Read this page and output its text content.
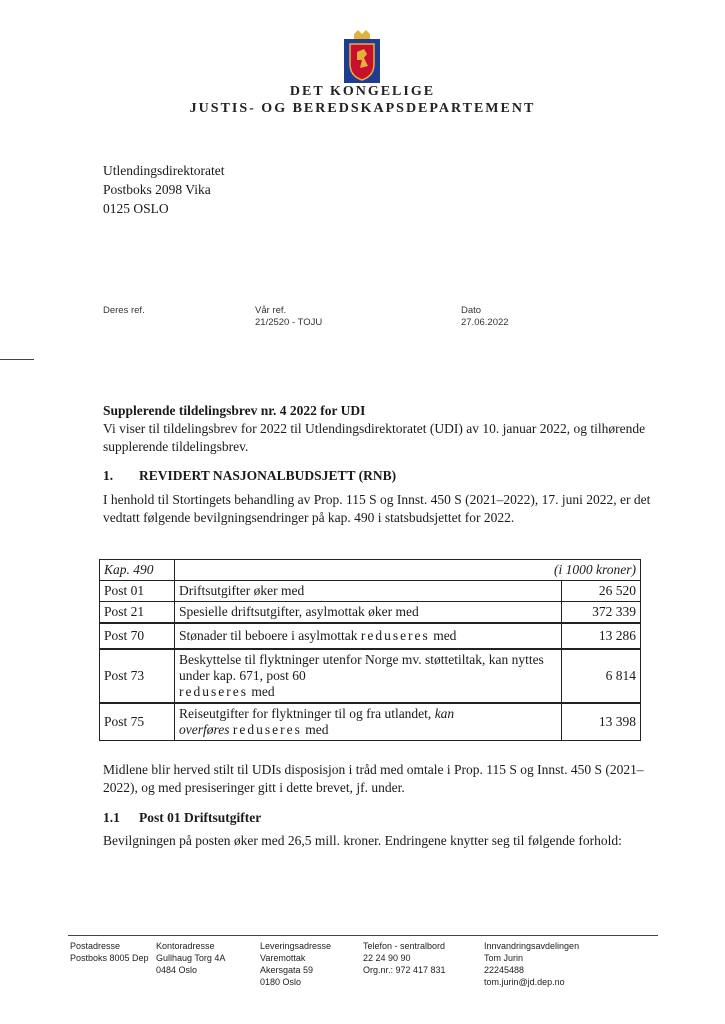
DET KONGELIGE
JUSTIS- OG BEREDSKAPSDEPARTEMENT
Utlendingsdirektoratet
Postboks 2098 Vika
0125 OSLO
Deres ref.	Vår ref.
21/2520 - TOJU
Dato
27.06.2022

Supplerende tildelingsbrev nr. 4 2022 for UDI

Vi viser til tildelingsbrev for 2022 til Utlendingsdirektoratet (UDI) av 10. januar 2022, og tilhørende supplerende tildelingsbrev.

1.	REVIDERT NASJONALBUDSJETT (RNB)

I henhold til Stortingets behandling av Prop. 115 S og Innst. 450 S (2021–2022), 17. juni 2022, er det vedtatt følgende bevilgningsendringer på kap. 490 i statsbudsjettet for 2022.

Kap. 490	(i 1000 kroner)	
Post 01	Driftsutgifter øker med	26 520
Post 21	Spesielle driftsutgifter, asylmottak øker med	372 339
Post 70	Stønader til beboere i asylmottak reduseres med	13 286
Post 73	Beskyttelse til flyktninger utenfor Norge mv. støttetiltak, kan nyttes under kap. 671, post 60
reduseres med	6 814
Post 75	Reiseutgifter for flyktninger til og fra utlandet, kan
overføres reduseres med	13 398

Midlene blir herved stilt til UDIs disposisjon i tråd med omtale i Prop. 115 S og Innst. 450 S (2021–2022), og med presiseringer gitt i dette brevet, jf. under.

1.1	Post 01 Driftsutgifter

Bevilgningen på posten øker med 26,5 mill. kroner. Endringene knytter seg til følgende forhold:

Postadresse
Postboks 8005 Dep
Kontoradresse
Gullhaug Torg 4A
0484 Oslo
Leveringsadresse
Varemottak
Akersgata 59
0180 Oslo
Telefon - sentralbord
22 24 90 90
Org.nr.: 972 417 831
Innvandringsavdelingen
Tom Jurin
22245488
tom.jurin@jd.dep.no
